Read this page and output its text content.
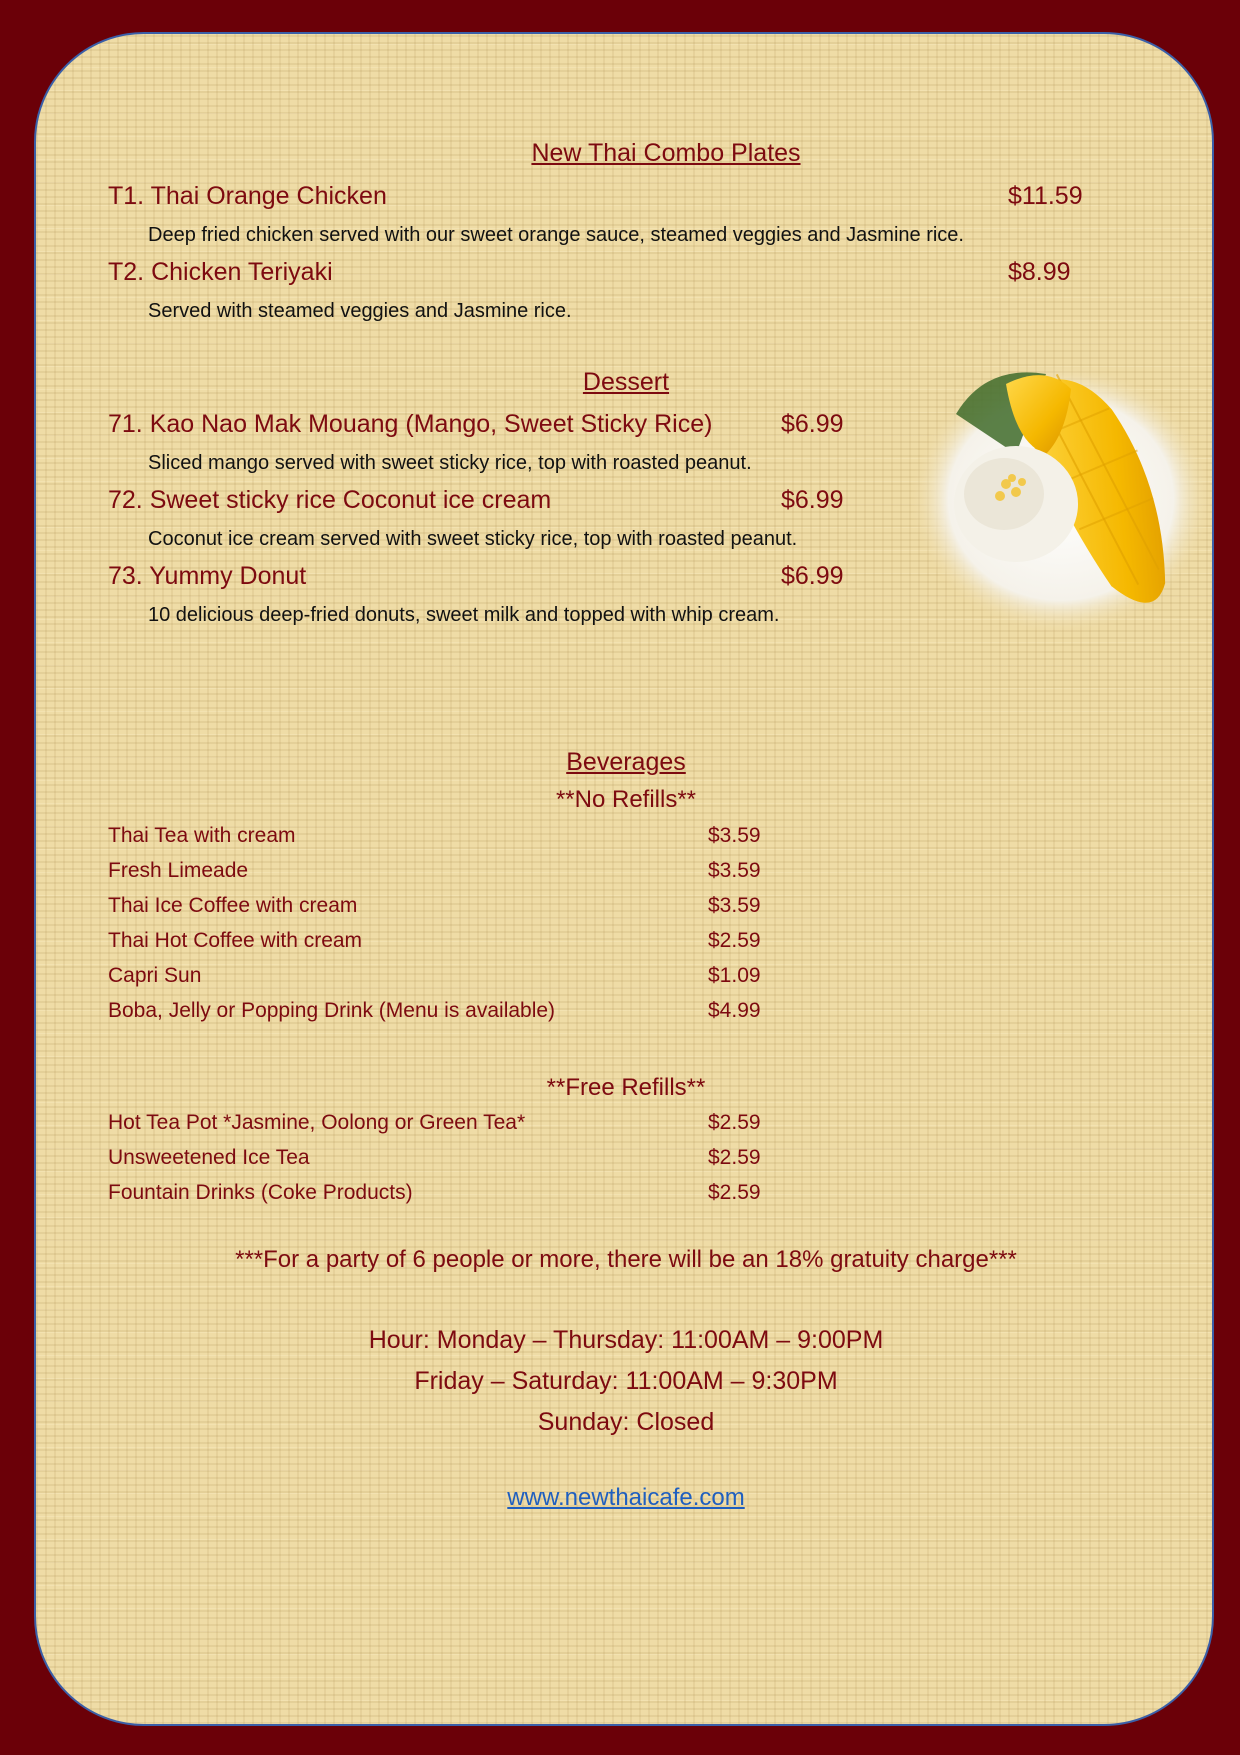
New Thai Combo Plates
T1. Thai Orange Chicken	$11.59
Deep fried chicken served with our sweet orange sauce, steamed veggies and Jasmine rice.
T2. Chicken Teriyaki	$8.99
Served with steamed veggies and Jasmine rice.
Dessert
71. Kao Nao Mak Mouang (Mango, Sweet Sticky Rice)	$6.99
Sliced mango served with sweet sticky rice, top with roasted peanut.
72. Sweet sticky rice Coconut ice cream	$6.99
Coconut ice cream served with sweet sticky rice, top with roasted peanut.
73. Yummy Donut	$6.99
10 delicious deep-fried donuts, sweet milk and topped with whip cream.
Beverages
**No Refills**
Thai Tea with cream	$3.59
Fresh Limeade	$3.59
Thai Ice Coffee with cream	$3.59
Thai Hot Coffee with cream	$2.59
Capri Sun	$1.09
Boba, Jelly or Popping Drink (Menu is available)	$4.99
**Free Refills**
Hot Tea Pot *Jasmine, Oolong or Green Tea*	$2.59
Unsweetened Ice Tea	$2.59
Fountain Drinks (Coke Products)	$2.59
***For a party of 6 people or more, there will be an 18% gratuity charge***
Hour: Monday – Thursday: 11:00AM – 9:00PM
Friday – Saturday: 11:00AM – 9:30PM
Sunday: Closed
www.newthaicafe.com
